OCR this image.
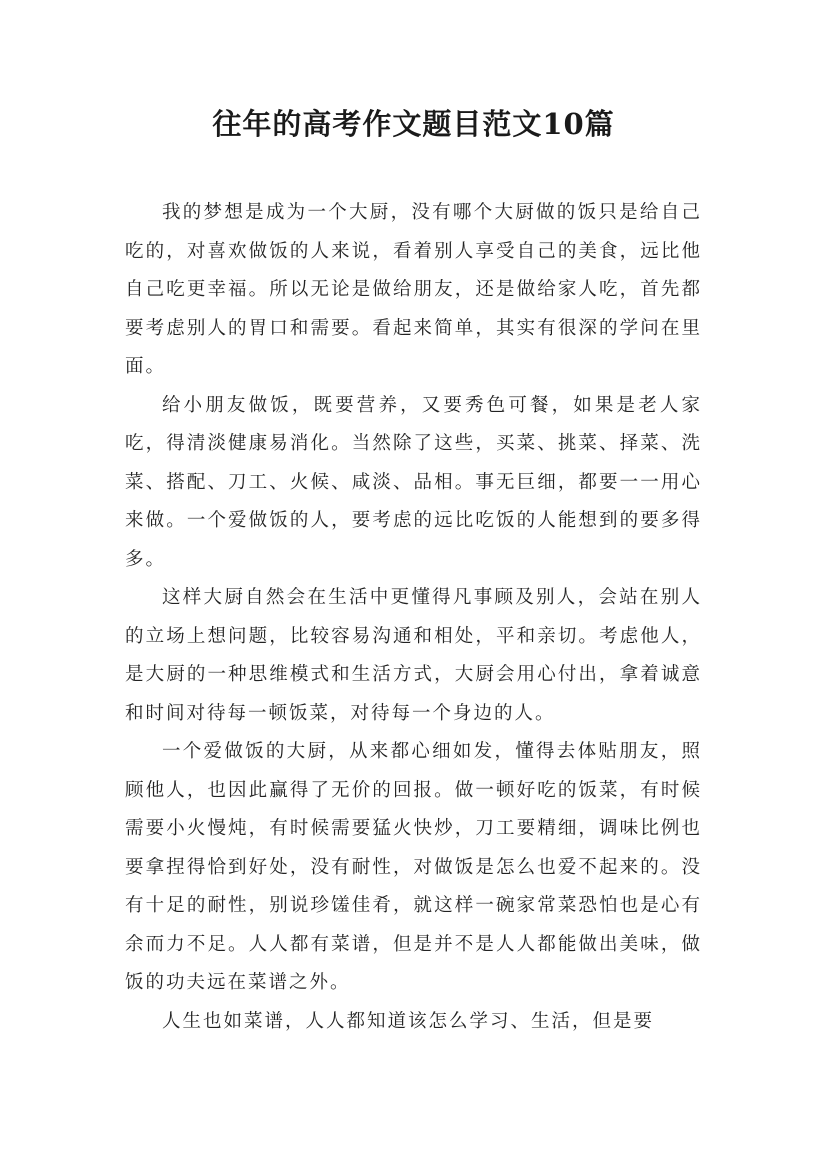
往年的高考作文题目范文10篇

我的梦想是成为一个大厨，没有哪个大厨做的饭只是给自己吃的，对喜欢做饭的人来说，看着别人享受自己的美食，远比他自己吃更幸福。所以无论是做给朋友，还是做给家人吃，首先都要考虑别人的胃口和需要。看起来简单，其实有很深的学问在里面。

给小朋友做饭，既要营养，又要秀色可餐，如果是老人家吃，得清淡健康易消化。当然除了这些，买菜、挑菜、择菜、洗菜、搭配、刀工、火候、咸淡、品相。事无巨细，都要一一用心来做。一个爱做饭的人，要考虑的远比吃饭的人能想到的要多得多。

这样大厨自然会在生活中更懂得凡事顾及别人，会站在别人的立场上想问题，比较容易沟通和相处，平和亲切。考虑他人，是大厨的一种思维模式和生活方式，大厨会用心付出，拿着诚意和时间对待每一顿饭菜，对待每一个身边的人。

一个爱做饭的大厨，从来都心细如发，懂得去体贴朋友，照顾他人，也因此赢得了无价的回报。做一顿好吃的饭菜，有时候需要小火慢炖，有时候需要猛火快炒，刀工要精细，调味比例也要拿捏得恰到好处，没有耐性，对做饭是怎么也爱不起来的。没有十足的耐性，别说珍馐佳肴，就这样一碗家常菜恐怕也是心有余而力不足。人人都有菜谱，但是并不是人人都能做出美味，做饭的功夫远在菜谱之外。

人生也如菜谱，人人都知道该怎么学习、生活，但是要
